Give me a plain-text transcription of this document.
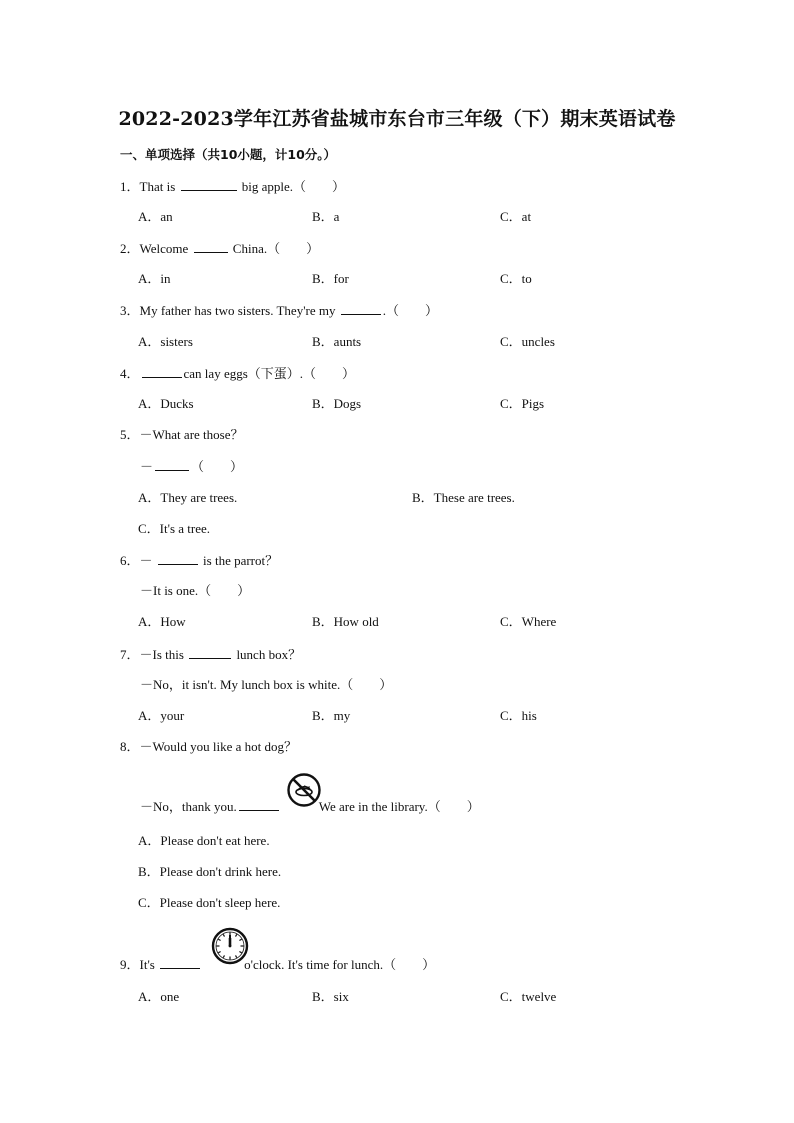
2022-2023学年江苏省盐城市东台市三年级（下）期末英语试卷
一、单项选择（共10小题，计10分。）
1．That is	big apple.（　　）
A．an	B．a	C．at
2．Welcome	China.（　　）
A．in	B．for	C．to
3．My father has two sisters. They're my	.（　　）
A．sisters	B．aunts	C．uncles
4．	can lay eggs（下蛋）.（　　）
A．Ducks	B．Dogs	C．Pigs
5．－What are those？
－	（　　）
A．They are trees.	B．These are trees.
C．It's a tree.
6．－	is the parrot？
－It is one.（　　）
A．How	B．How old	C．Where
7．－Is this	lunch box？
－No，it isn't. My lunch box is white.（　　）
A．your	B．my	C．his
8．－Would you like a hot dog？
－No，thank you.	We are in the library.（　　）
A．Please don't eat here.
B．Please don't drink here.
C．Please don't sleep here.
9．It's	o'clock. It's time for lunch.（　　）
A．one	B．six	C．twelve
